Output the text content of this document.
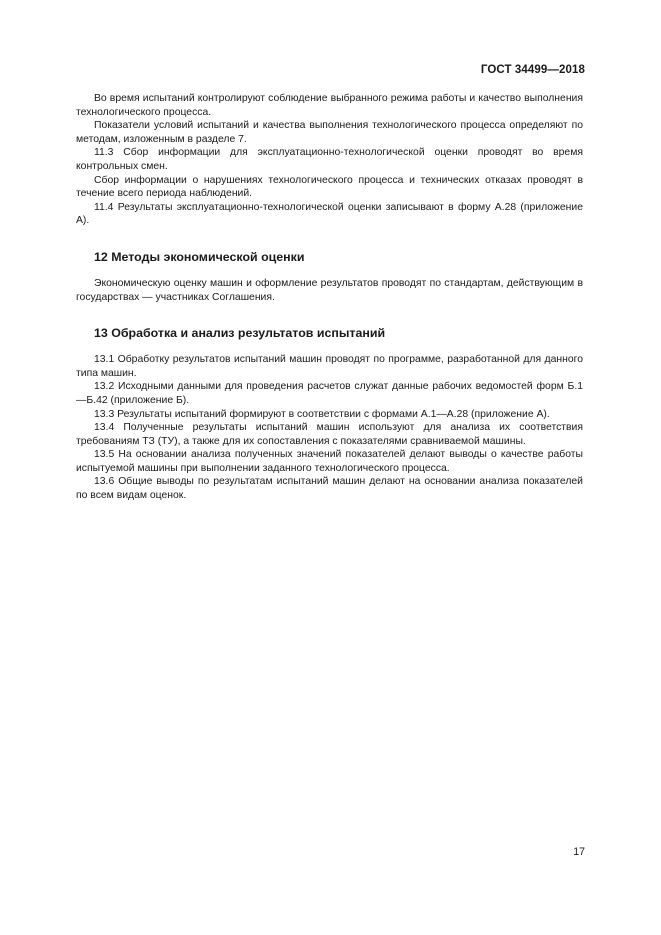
ГОСТ 34499—2018

Во время испытаний контролируют соблюдение выбранного режима работы и качество выполнения технологического процесса.

Показатели условий испытаний и качества выполнения технологического процесса определяют по методам, изложенным в разделе 7.

11.3 Сбор информации для эксплуатационно-технологической оценки проводят во время контрольных смен.

Сбор информации о нарушениях технологического процесса и технических отказах проводят в течение всего периода наблюдений.

11.4 Результаты эксплуатационно-технологической оценки записывают в форму А.28 (приложение А).

12 Методы экономической оценки

Экономическую оценку машин и оформление результатов проводят по стандартам, действующим в государствах — участниках Соглашения.

13 Обработка и анализ результатов испытаний

13.1 Обработку результатов испытаний машин проводят по программе, разработанной для данного типа машин.

13.2 Исходными данными для проведения расчетов служат данные рабочих ведомостей форм Б.1—Б.42 (приложение Б).

13.3 Результаты испытаний формируют в соответствии с формами А.1—А.28 (приложение А).

13.4 Полученные результаты испытаний машин используют для анализа их соответствия требованиям ТЗ (ТУ), а также для их сопоставления с показателями сравниваемой машины.

13.5 На основании анализа полученных значений показателей делают выводы о качестве работы испытуемой машины при выполнении заданного технологического процесса.

13.6 Общие выводы по результатам испытаний машин делают на основании анализа показателей по всем видам оценок.

17
